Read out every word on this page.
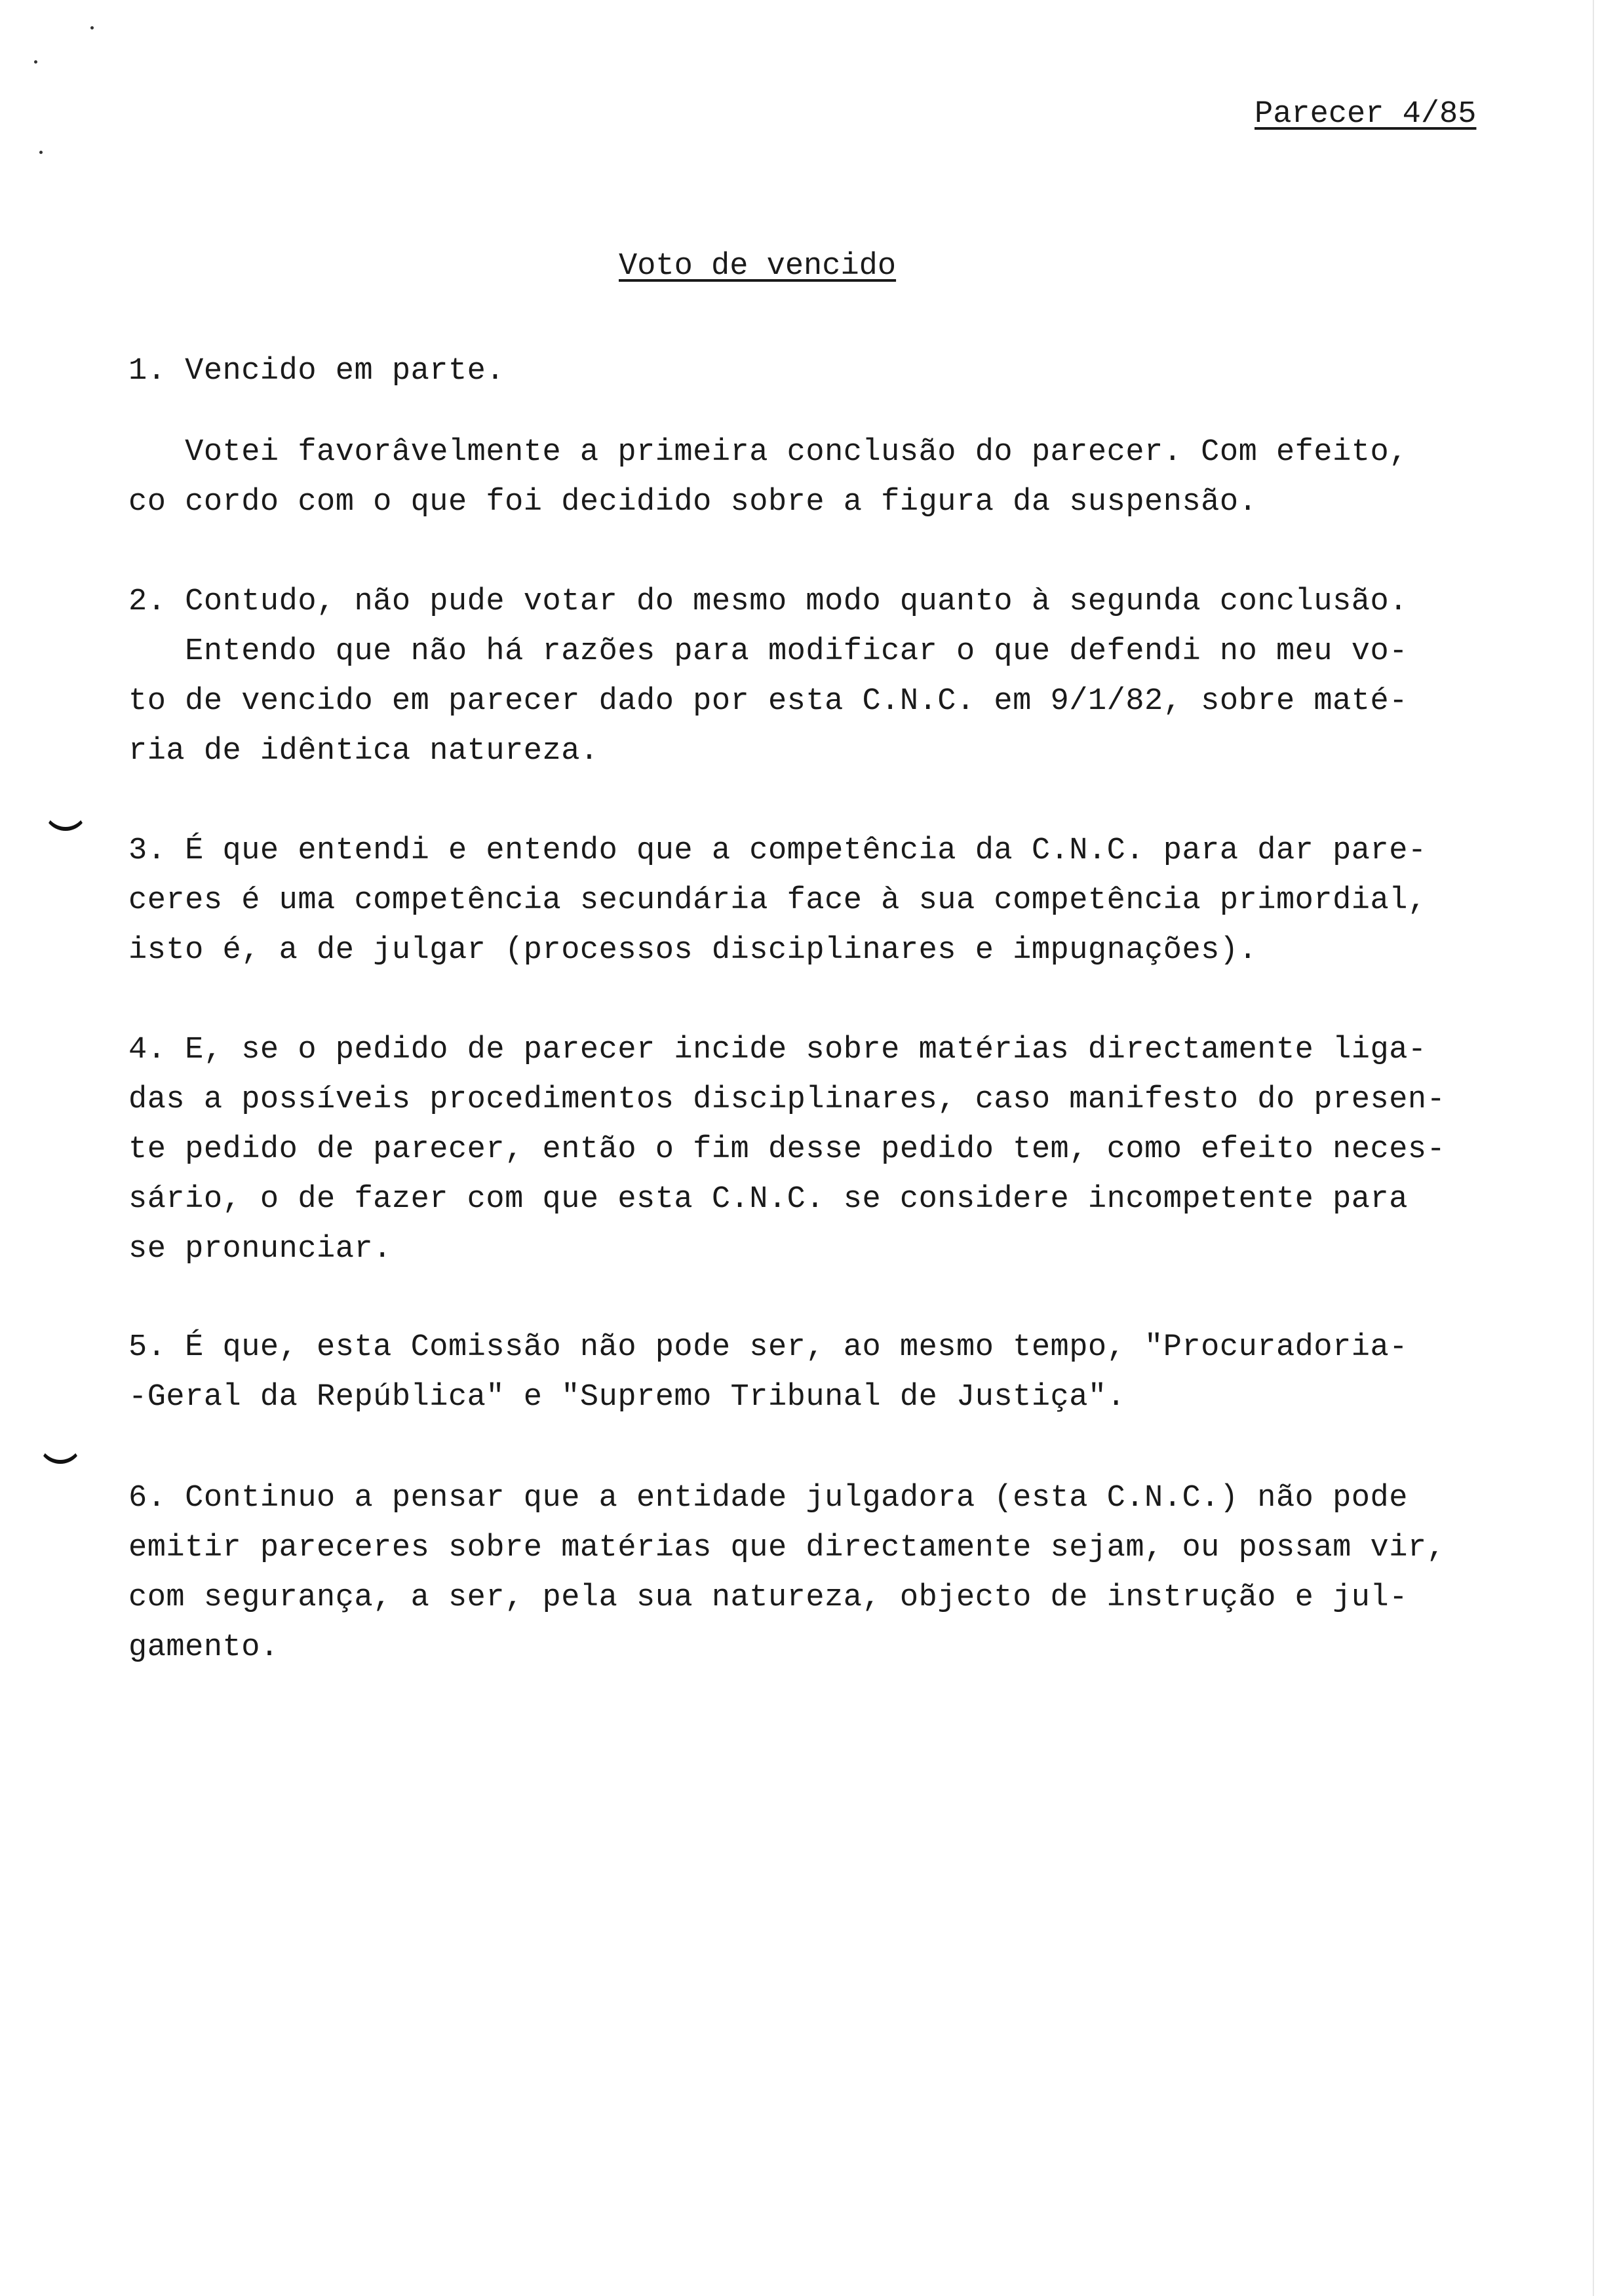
Parecer 4/85
Voto de vencido
1. Vencido em parte.
Votei favorâvelmente a primeira conclusão do parecer. Com efeito,
co cordo com o que foi decidido sobre a figura da suspensão.
2. Contudo, não pude votar do mesmo modo quanto à segunda conclusão.
Entendo que não há razões para modificar o que defendi no meu vo-
to de vencido em parecer dado por esta C.N.C. em 9/1/82, sobre maté-
ria de idêntica natureza.
3. É que entendi e entendo que a competência da C.N.C. para dar pare-
ceres é uma competência secundária face à sua competência primordial,
isto é, a de julgar (processos disciplinares e impugnações).
4. E, se o pedido de parecer incide sobre matérias directamente liga-
das a possíveis procedimentos disciplinares, caso manifesto do presen-
te pedido de parecer, então o fim desse pedido tem, como efeito neces-
sário, o de fazer com que esta C.N.C. se considere incompetente para
se pronunciar.
5. É que, esta Comissão não pode ser, ao mesmo tempo, "Procuradoria-
-Geral da República" e "Supremo Tribunal de Justiça".
6. Continuo a pensar que a entidade julgadora (esta C.N.C.) não pode
emitir pareceres sobre matérias que directamente sejam, ou possam vir,
com segurança, a ser, pela sua natureza, objecto de instrução e jul-
gamento.
